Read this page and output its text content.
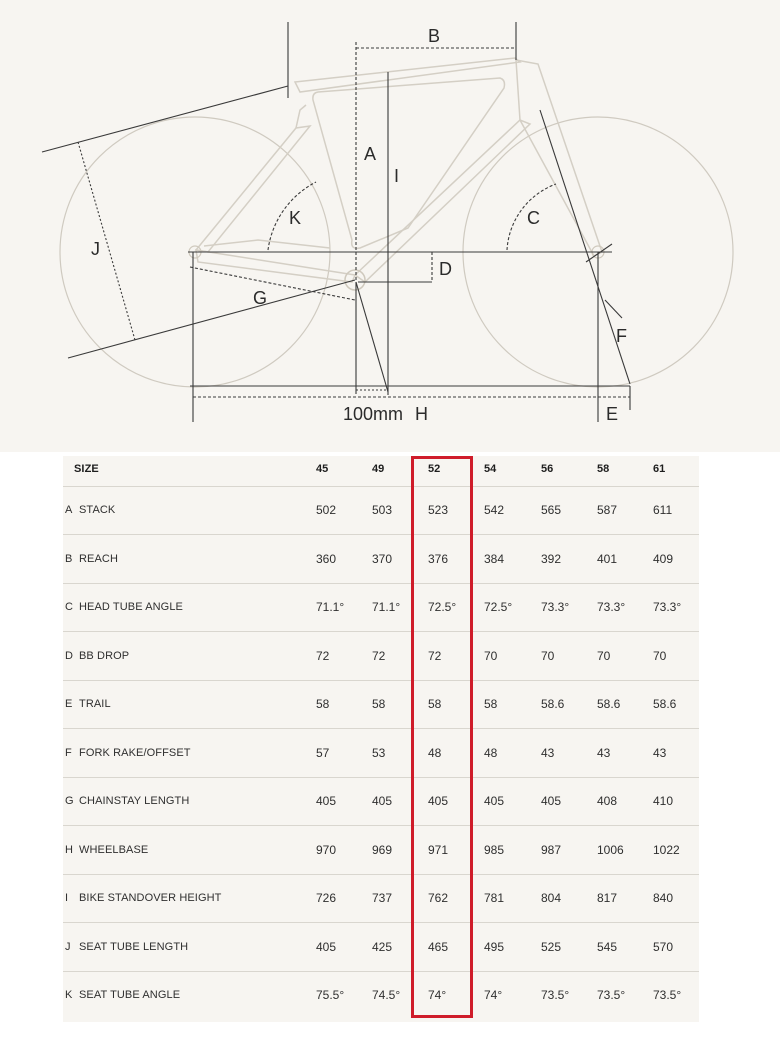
B
A
I
K	C
J
D
G
F
100mm H	E
SIZE	45	49	52	54	56	58	61
A STACK	502	503	523	542	565	587	611
B REACH	360	370	376	384	392	401	409
C HEAD TUBE ANGLE	71.1° 71.1° 72.5° 72.5° 73.3° 73.3° 73.3°
D BB DROP	72	72	72	70	70	70	70
E TRAIL	58	58	58	58	58.6	58.6	58.6
F FORK RAKE/OFFSET	57	53	48	48	43	43	43
G CHAINSTAY LENGTH	405	405	405	405	405	408	410
H WHEELBASE	970	969	971	985	987	1006 1022
I BIKE STANDOVER HEIGHT	726	737	762	781	804	817	840
J SEAT TUBE LENGTH	405	425	465	495	525	545	570
K SEAT TUBE ANGLE	75.5° 74.5° 74°	74°	73.5° 73.5° 73.5°
